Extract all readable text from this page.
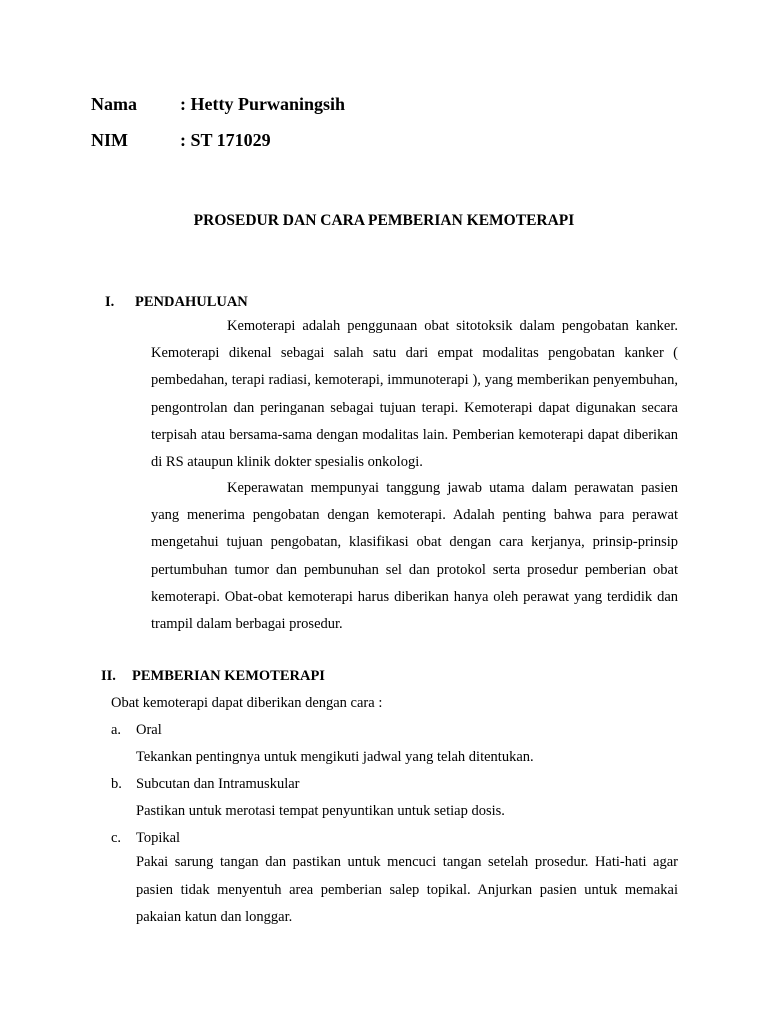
Nama : Hetty Purwaningsih
NIM	: ST 171029
PROSEDUR DAN CARA PEMBERIAN KEMOTERAPI
I. PENDAHULUAN

Kemoterapi adalah penggunaan obat sitotoksik dalam pengobatan kanker. Kemoterapi dikenal sebagai salah satu dari empat modalitas pengobatan kanker ( pembedahan, terapi radiasi, kemoterapi, immunoterapi ), yang memberikan penyembuhan, pengontrolan dan peringanan sebagai tujuan terapi. Kemoterapi dapat digunakan secara terpisah atau bersama-sama dengan modalitas lain. Pemberian kemoterapi dapat diberikan di RS ataupun klinik dokter spesialis onkologi.

Keperawatan mempunyai tanggung jawab utama dalam perawatan pasien yang menerima pengobatan dengan kemoterapi. Adalah penting bahwa para perawat mengetahui tujuan pengobatan, klasifikasi obat dengan cara kerjanya, prinsip-prinsip pertumbuhan tumor dan pembunuhan sel dan protokol serta prosedur pemberian obat kemoterapi. Obat-obat kemoterapi harus diberikan hanya oleh perawat yang terdidik dan trampil dalam berbagai prosedur.

II. PEMBERIAN KEMOTERAPI
Obat kemoterapi dapat diberikan dengan cara :
a. Oral
Tekankan pentingnya untuk mengikuti jadwal yang telah ditentukan.
b. Subcutan dan Intramuskular
Pastikan untuk merotasi tempat penyuntikan untuk setiap dosis.
c. Topikal

Pakai sarung tangan dan pastikan untuk mencuci tangan setelah prosedur. Hati-hati agar pasien tidak menyentuh area pemberian salep topikal. Anjurkan pasien untuk memakai pakaian katun dan longgar.
